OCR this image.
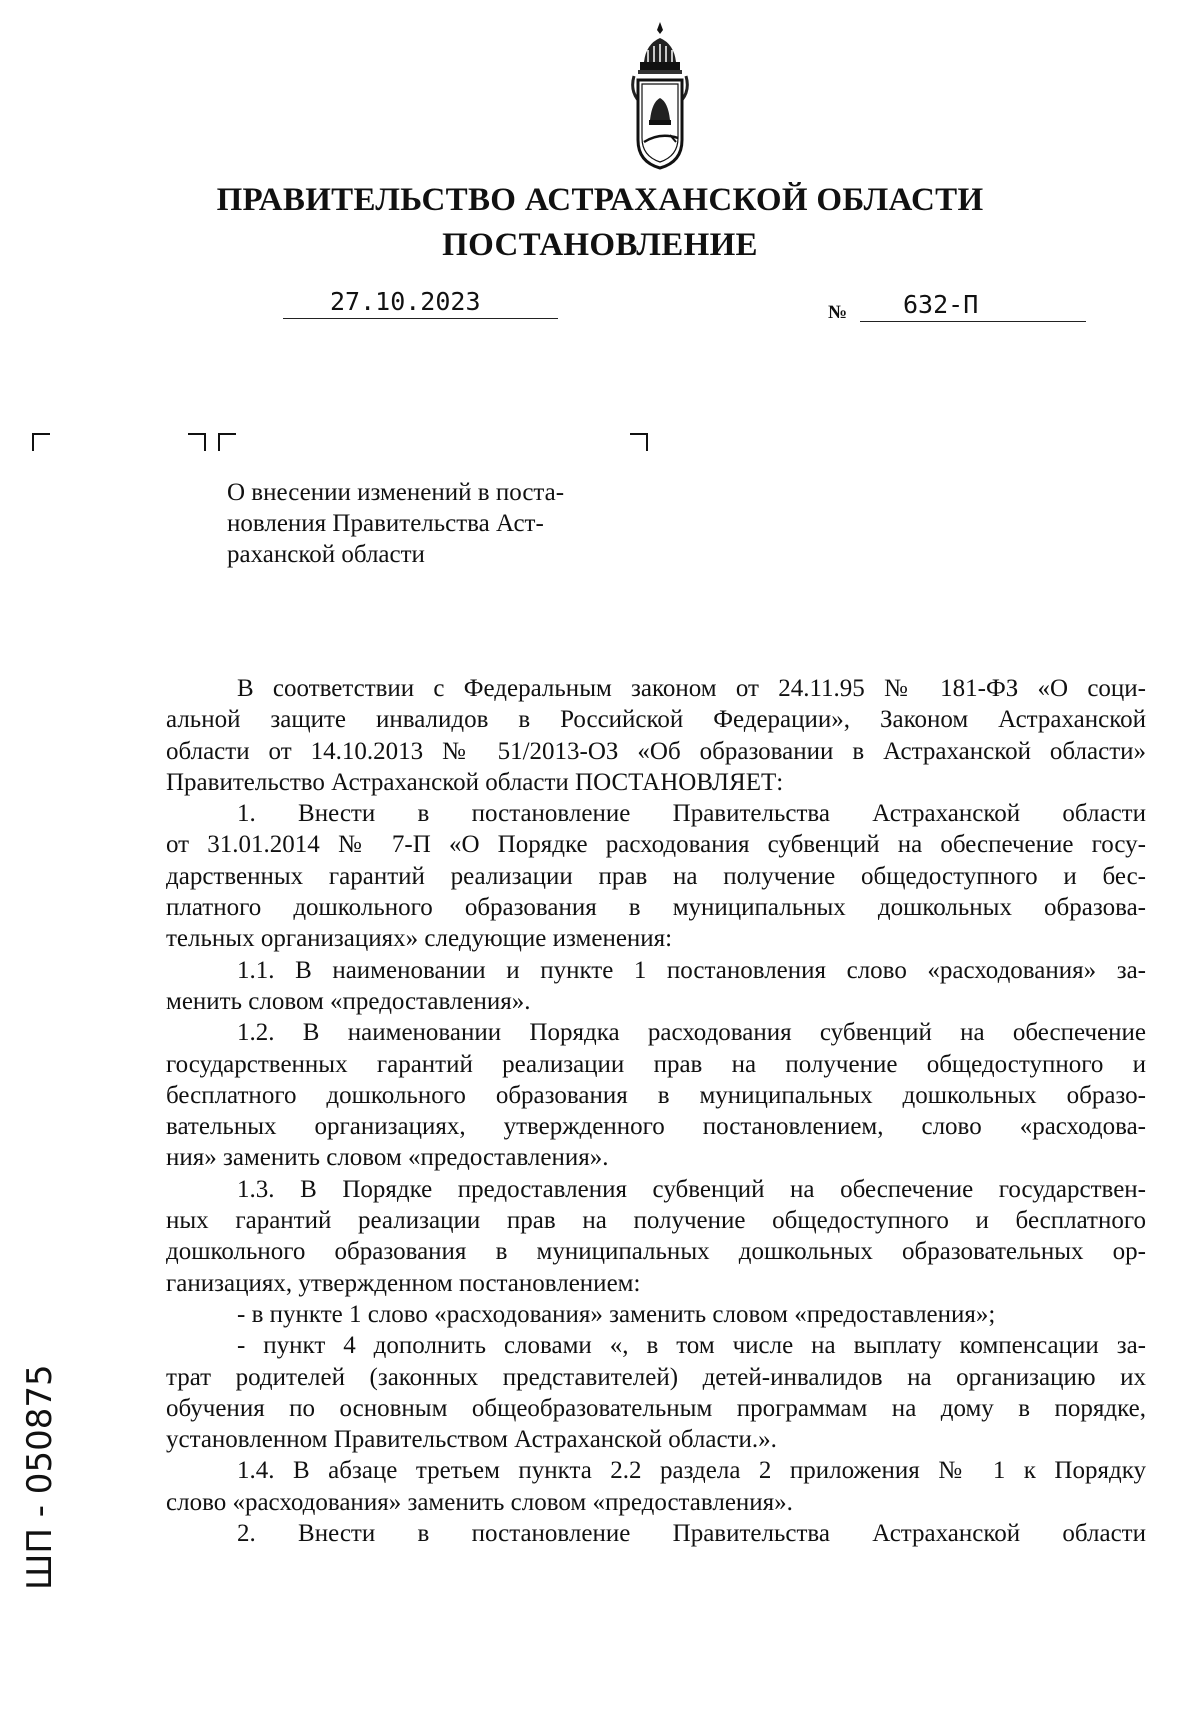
ПРАВИТЕЛЬСТВО АСТРАХАНСКОЙ ОБЛАСТИ
ПОСТАНОВЛЕНИЕ
27.10.2023	№ 632-П
О внесении изменений в поста-
новления Правительства Аст-
раханской области
В соответствии с Федеральным законом от 24.11.95 № 181-ФЗ «О соци-
альной защите инвалидов в Российской Федерации», Законом Астраханской
области от 14.10.2013 № 51/2013-ОЗ «Об образовании в Астраханской области»
Правительство Астраханской области ПОСТАНОВЛЯЕТ:
1. Внести в постановление Правительства Астраханской области
от 31.01.2014 № 7-П «О Порядке расходования субвенций на обеспечение госу-
дарственных гарантий реализации прав на получение общедоступного и бес-
платного дошкольного образования в муниципальных дошкольных образова-
тельных организациях» следующие изменения:
1.1. В наименовании и пункте 1 постановления слово «расходования» за-
менить словом «предоставления».
1.2. В наименовании Порядка расходования субвенций на обеспечение
государственных гарантий реализации прав на получение общедоступного и
бесплатного дошкольного образования в муниципальных дошкольных образо-
вательных организациях, утвержденного постановлением, слово «расходова-
ния» заменить словом «предоставления».
1.3. В Порядке предоставления субвенций на обеспечение государствен-
ных гарантий реализации прав на получение общедоступного и бесплатного
дошкольного образования в муниципальных дошкольных образовательных ор-
ганизациях, утвержденном постановлением:
- в пункте 1 слово «расходования» заменить словом «предоставления»;
- пункт 4 дополнить словами «, в том числе на выплату компенсации за-
трат родителей (законных представителей) детей-инвалидов на организацию их
обучения по основным общеобразовательным программам на дому в порядке,
установленном Правительством Астраханской области.».
1.4. В абзаце третьем пункта 2.2 раздела 2 приложения № 1 к Порядку
слово «расходования» заменить словом «предоставления».
2. Внести в постановление Правительства Астраханской области
ШП - 050875
